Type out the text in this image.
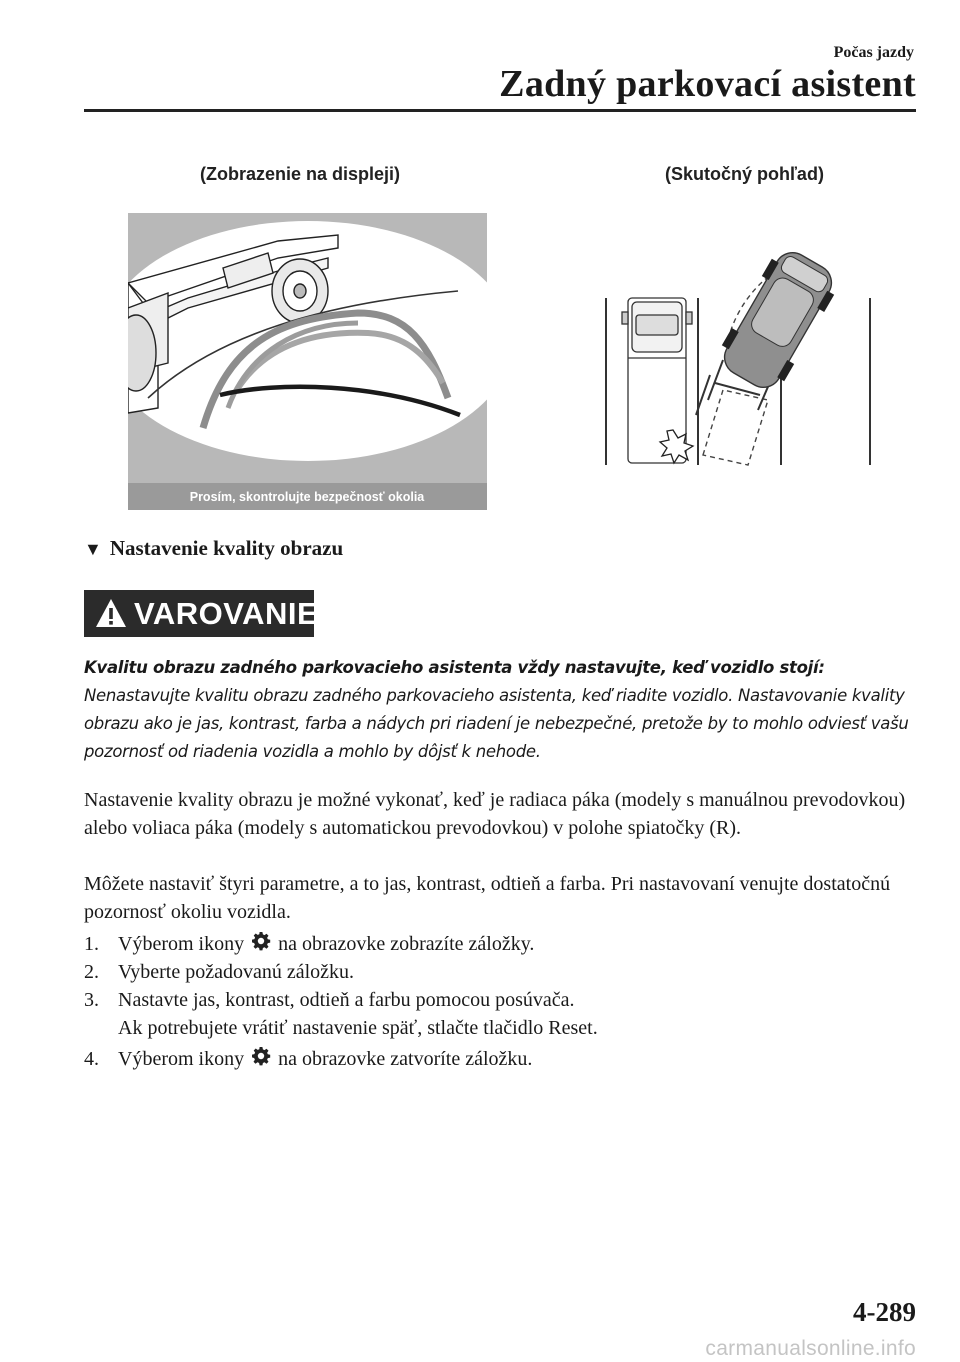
Počas jazdy
Zadný parkovací asistent
(Zobrazenie na displeji)	(Skutočný pohľad)
Prosím, skontrolujte bezpečnosť okolia
▼ Nastavenie kvality obrazu
VAROVANIE
Kvalitu obrazu zadného parkovacieho asistenta vždy nastavujte, keď vozidlo stojí:
Nenastavujte kvalitu obrazu zadného parkovacieho asistenta, keď riadite vozidlo. Nastavovanie kvality obrazu ako je jas, kontrast, farba a nádych pri riadení je nebezpečné, pretože by to mohlo odviesť vašu pozornosť od riadenia vozidla a mohlo by dôjsť k nehode.
Nastavenie kvality obrazu je možné vykonať, keď je radiaca páka (modely s manuálnou prevodovkou) alebo voliaca páka (modely s automatickou prevodovkou) v polohe spiatočky (R).
Môžete nastaviť štyri parametre, a to jas, kontrast, odtieň a farba. Pri nastavovaní venujte dostatočnú pozornosť okoliu vozidla.
1. Výberom ikony na obrazovke zobrazíte záložky.
2. Vyberte požadovanú záložku.
3. Nastavte jas, kontrast, odtieň a farbu pomocou posúvača.
Ak potrebujete vrátiť nastavenie späť, stlačte tlačidlo Reset.
4. Výberom ikony na obrazovke zatvoríte záložku.
4-289
carmanualsonline.info
